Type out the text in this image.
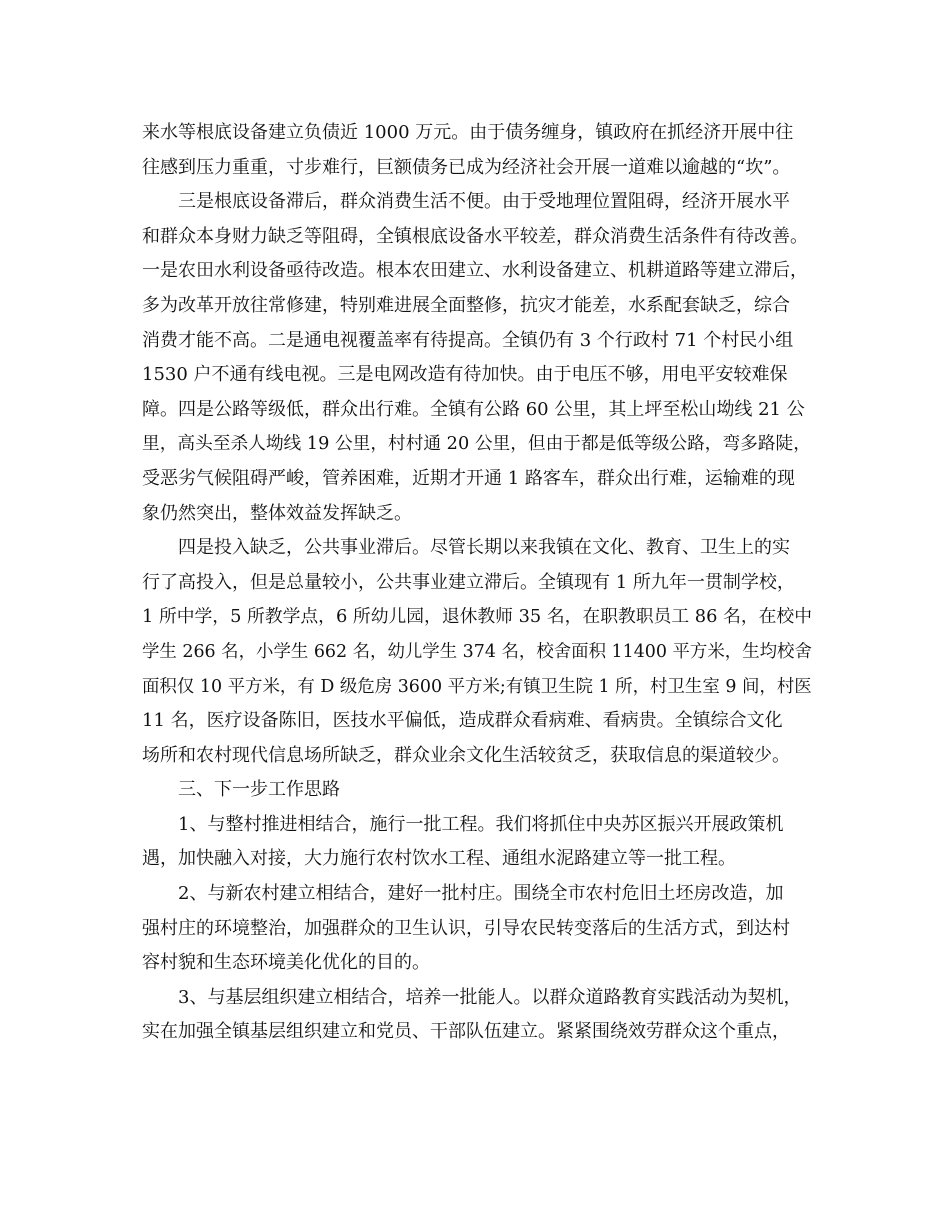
来水等根底设备建立负债近 1000 万元。由于债务缠身，镇政府在抓经济开展中往
往感到压力重重，寸步难行，巨额债务已成为经济社会开展一道难以逾越的“坎”。
三是根底设备滞后，群众消费生活不便。由于受地理位置阻碍，经济开展水平
和群众本身财力缺乏等阻碍，全镇根底设备水平较差，群众消费生活条件有待改善。
一是农田水利设备亟待改造。根本农田建立、水利设备建立、机耕道路等建立滞后，
多为改革开放往常修建，特别难进展全面整修，抗灾才能差，水系配套缺乏，综合
消费才能不高。二是通电视覆盖率有待提高。全镇仍有 3 个行政村 71 个村民小组
1530 户不通有线电视。三是电网改造有待加快。由于电压不够，用电平安较难保
障。四是公路等级低，群众出行难。全镇有公路 60 公里，其上坪至松山坳线 21 公
里，高头至杀人坳线 19 公里，村村通 20 公里，但由于都是低等级公路，弯多路陡，
受恶劣气候阻碍严峻，管养困难，近期才开通 1 路客车，群众出行难，运输难的现
象仍然突出，整体效益发挥缺乏。
四是投入缺乏，公共事业滞后。尽管长期以来我镇在文化、教育、卫生上的实
行了高投入，但是总量较小，公共事业建立滞后。全镇现有 1 所九年一贯制学校，
1 所中学，5 所教学点，6 所幼儿园，退休教师 35 名，在职教职员工 86 名，在校中
学生 266 名，小学生 662 名，幼儿学生 374 名，校舍面积 11400 平方米，生均校舍
面积仅 10 平方米，有 D 级危房 3600 平方米;有镇卫生院 1 所，村卫生室 9 间，村医
11 名，医疗设备陈旧，医技水平偏低，造成群众看病难、看病贵。全镇综合文化
场所和农村现代信息场所缺乏，群众业余文化生活较贫乏，获取信息的渠道较少。
三、下一步工作思路
1、与整村推进相结合，施行一批工程。我们将抓住中央苏区振兴开展政策机
遇，加快融入对接，大力施行农村饮水工程、通组水泥路建立等一批工程。
2、与新农村建立相结合，建好一批村庄。围绕全市农村危旧土坯房改造，加
强村庄的环境整治，加强群众的卫生认识，引导农民转变落后的生活方式，到达村
容村貌和生态环境美化优化的目的。
3、与基层组织建立相结合，培养一批能人。以群众道路教育实践活动为契机，
实在加强全镇基层组织建立和党员、干部队伍建立。紧紧围绕效劳群众这个重点，
